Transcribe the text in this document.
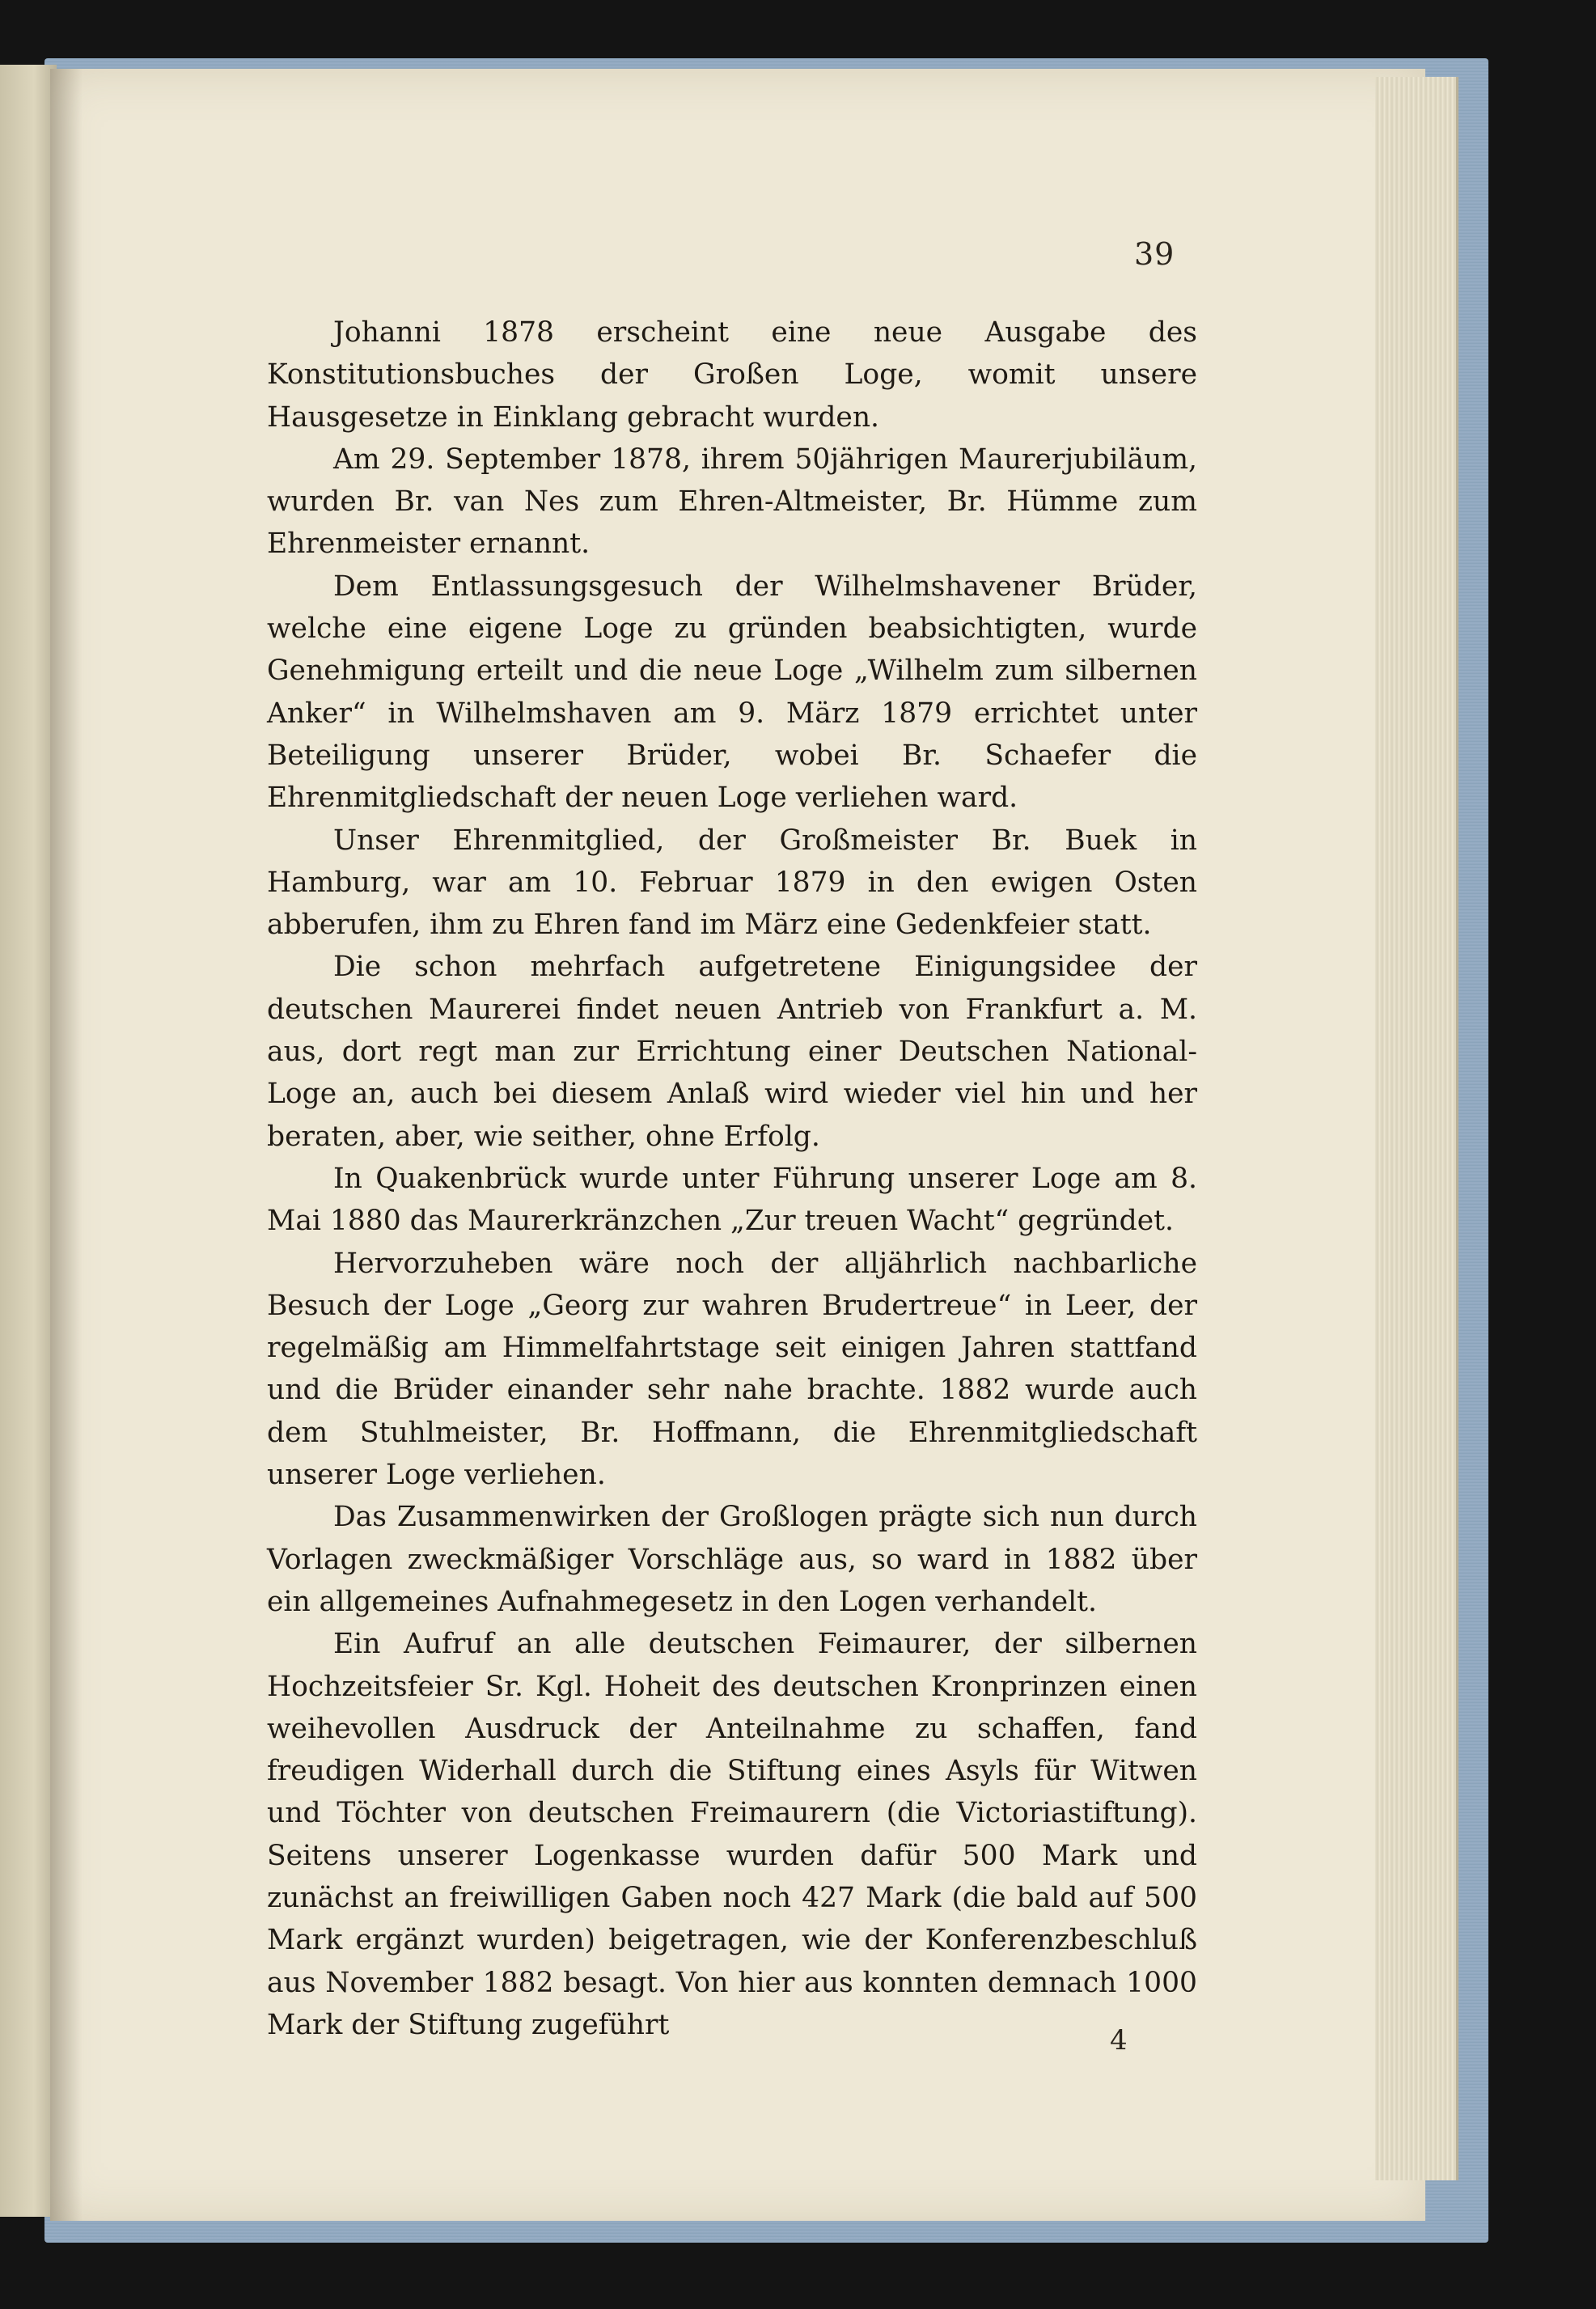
39

Johanni 1878 erscheint eine neue Ausgabe des Konstitutionsbuches der Großen Loge, womit unsere Hausgesetze in Einklang gebracht wurden.

Am 29. September 1878, ihrem 50jährigen Maurerjubiläum, wurden Br. van Nes zum Ehren-Altmeister, Br. Hümme zum Ehrenmeister ernannt.

Dem Entlassungsgesuch der Wilhelmshavener Brüder, welche eine eigene Loge zu gründen beabsichtigten, wurde Genehmigung erteilt und die neue Loge „Wilhelm zum silbernen Anker“ in Wilhelmshaven am 9. März 1879 errichtet unter Beteiligung unserer Brüder, wobei Br. Schaefer die Ehrenmitgliedschaft der neuen Loge verliehen ward.

Unser Ehrenmitglied, der Großmeister Br. Buek in Hamburg, war am 10. Februar 1879 in den ewigen Osten abberufen, ihm zu Ehren fand im März eine Gedenkfeier statt.

Die schon mehrfach aufgetretene Einigungsidee der deutschen Maurerei findet neuen Antrieb von Frankfurt a. M. aus, dort regt man zur Errichtung einer Deutschen National-Loge an, auch bei diesem Anlaß wird wieder viel hin und her beraten, aber, wie seither, ohne Erfolg.

In Quakenbrück wurde unter Führung unserer Loge am 8. Mai 1880 das Maurerkränzchen „Zur treuen Wacht“ gegründet.

Hervorzuheben wäre noch der alljährlich nachbarliche Besuch der Loge „Georg zur wahren Brudertreue“ in Leer, der regelmäßig am Himmelfahrtstage seit einigen Jahren stattfand und die Brüder einander sehr nahe brachte. 1882 wurde auch dem Stuhlmeister, Br. Hoffmann, die Ehrenmitgliedschaft unserer Loge verliehen.

Das Zusammenwirken der Großlogen prägte sich nun durch Vorlagen zweckmäßiger Vorschläge aus, so ward in 1882 über ein allgemeines Aufnahmegesetz in den Logen verhandelt.

Ein Aufruf an alle deutschen Feimaurer, der silbernen Hochzeitsfeier Sr. Kgl. Hoheit des deutschen Kronprinzen einen weihevollen Ausdruck der Anteilnahme zu schaffen, fand freudigen Widerhall durch die Stiftung eines Asyls für Witwen und Töchter von deutschen Freimaurern (die Victoriastiftung). Seitens unserer Logenkasse wurden dafür 500 Mark und zunächst an freiwilligen Gaben noch 427 Mark (die bald auf 500 Mark ergänzt wurden) beigetragen, wie der Konferenzbeschluß aus November 1882 besagt. Von hier aus konnten demnach 1000 Mark der Stiftung zugeführt	4
